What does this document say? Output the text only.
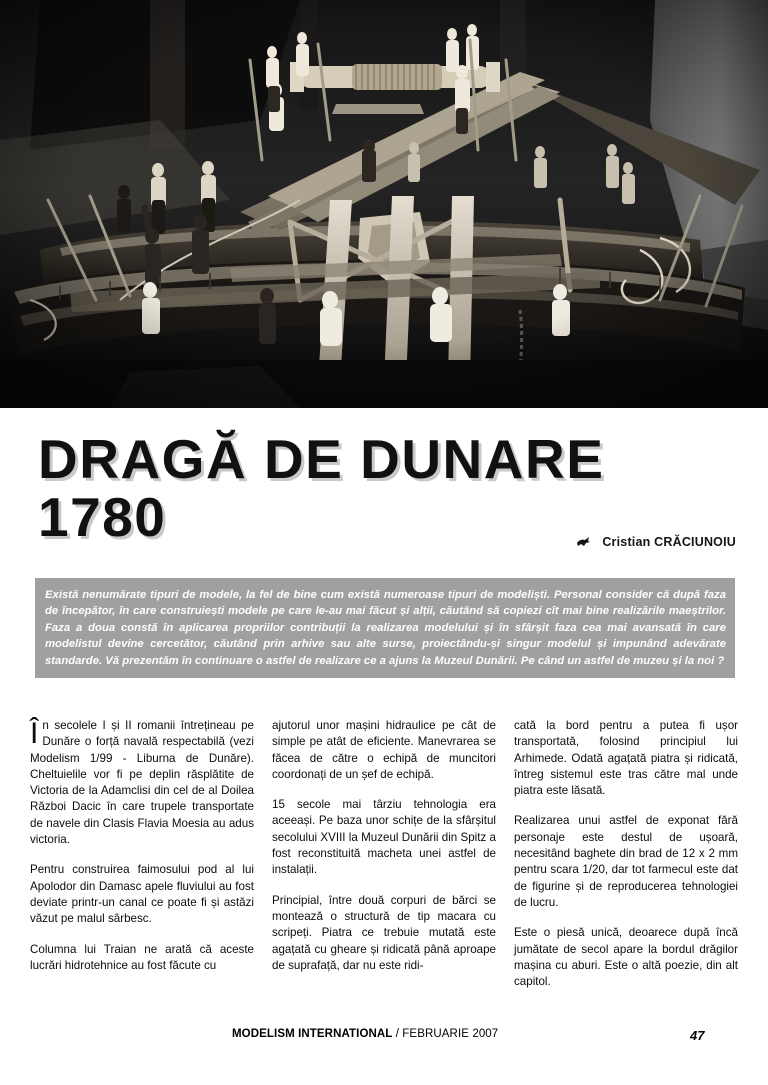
DRAGĂ DE DUNARE
1780	Cristian CRĂCIUNOIU
Există nenumărate tipuri de modele, la fel de bine cum există numeroase tipuri de modeliști. Personal consider că după faza de începător, în care construiești modele pe care le-au mai făcut și alții, căutând să copiezi cît mai bine realizările maeștrilor. Faza a doua constă în aplicarea propriilor contribuții la realizarea modelului și în sfârșit faza cea mai avansată în care modelistul devine cercetător, căutând prin arhive sau alte surse, proiectându-și singur modelul și impunând adevărate standarde. Vă prezentăm în continuare o astfel de realizare ce a ajuns la Muzeul Dunării. Pe când un astfel de muzeu și la noi ?

În secolele I și II romanii întrețineau pe Dunăre o forță navală respectabilă (vezi Modelism 1/99 - Liburna de Dunăre). Cheltuielile vor fi pe deplin răsplătite de Victoria de la Adamclisi din cel de al Doilea Război Dacic în care trupele transportate de navele din Clasis Flavia Moesia au adus victoria.

Pentru construirea faimosului pod al lui Apolodor din Damasc apele fluviului au fost deviate printr-un canal ce poate fi și astăzi văzut pe malul sârbesc.

Columna lui Traian ne arată că aceste lucrări hidrotehnice au fost făcute cu

ajutorul unor mașini hidraulice pe cât de simple pe atât de eficiente. Manevrarea se făcea de către o echipă de muncitori coordonați de un șef de echipă.

15 secole mai târziu tehnologia era aceeași. Pe baza unor schițe de la sfârșitul secolului XVIII la Muzeul Dunării din Spitz a fost reconstituită macheta unei astfel de instalații.

Principial, între două corpuri de bărci se montează o structură de tip macara cu scripeți. Piatra ce trebuie mutată este agațată cu gheare și ridicată până aproape de suprafață, dar nu este ridi-

cată la bord pentru a putea fi ușor transportată, folosind principiul lui Arhimede. Odată agațată piatra și ridicată, întreg sistemul este tras către mal unde piatra este lăsată.

Realizarea unui astfel de exponat fără personaje este destul de ușoară, necesitând baghete din brad de 12 x 2 mm pentru scara 1/20, dar tot farmecul este dat de figurine și de reproducerea tehnologiei de lucru.

Este o piesă unică, deoarece după încă jumătate de secol apare la bordul drăgilor mașina cu aburi. Este o altă poezie, din alt capitol.

MODELISM INTERNATIONAL / FEBRUARIE 2007	47
